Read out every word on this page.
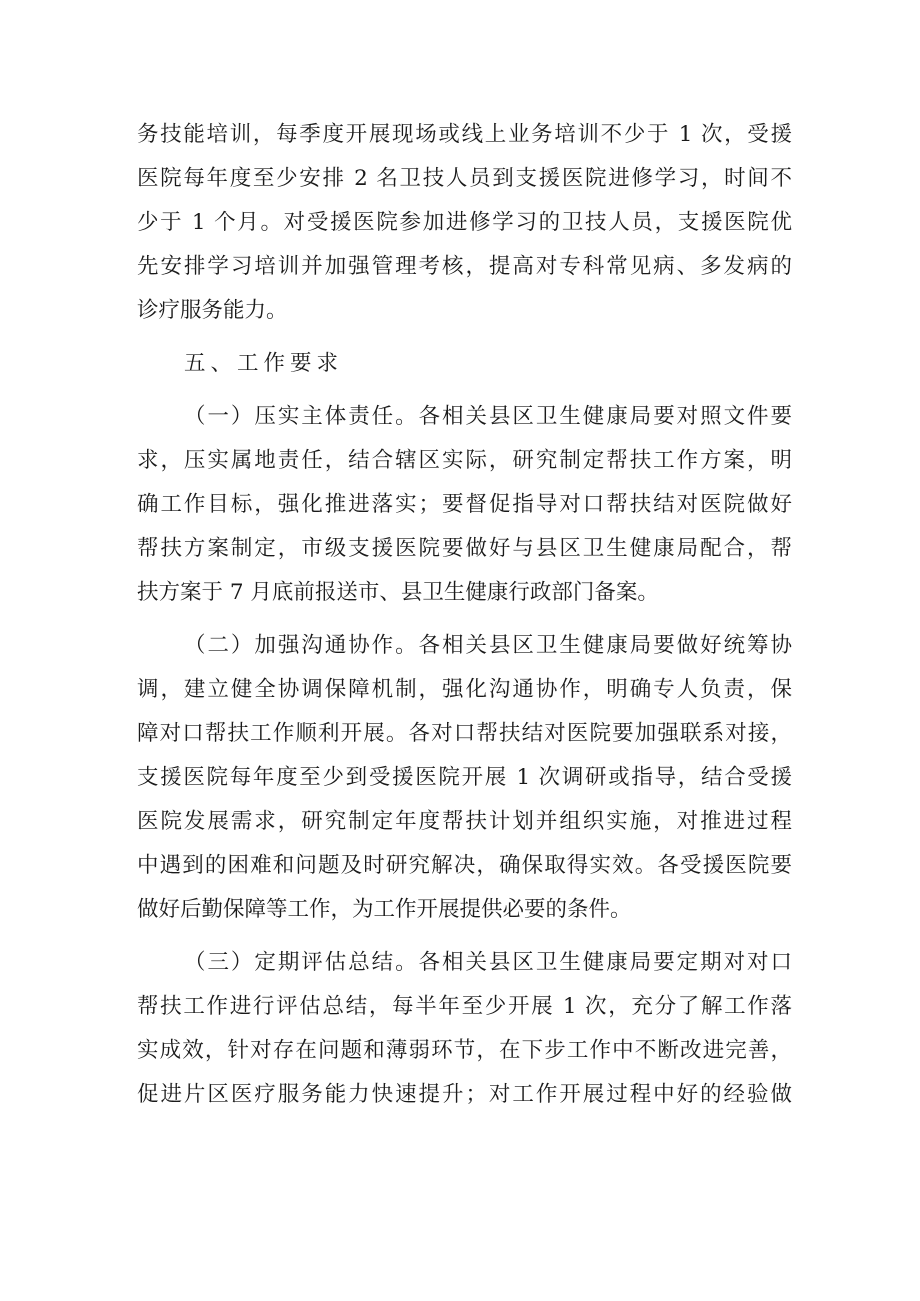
务技能培训，每季度开展现场或线上业务培训不少于 1 次，受援
医院每年度至少安排 2 名卫技人员到支援医院进修学习，时间不
少于 1 个月。对受援医院参加进修学习的卫技人员，支援医院优
先安排学习培训并加强管理考核，提高对专科常见病、多发病的
诊疗服务能力。
五、工作要求
（一）压实主体责任。各相关县区卫生健康局要对照文件要
求，压实属地责任，结合辖区实际，研究制定帮扶工作方案，明
确工作目标，强化推进落实；要督促指导对口帮扶结对医院做好
帮扶方案制定，市级支援医院要做好与县区卫生健康局配合，帮
扶方案于 7 月底前报送市、县卫生健康行政部门备案。
（二）加强沟通协作。各相关县区卫生健康局要做好统筹协
调，建立健全协调保障机制，强化沟通协作，明确专人负责，保
障对口帮扶工作顺利开展。各对口帮扶结对医院要加强联系对接，
支援医院每年度至少到受援医院开展 1 次调研或指导，结合受援
医院发展需求，研究制定年度帮扶计划并组织实施，对推进过程
中遇到的困难和问题及时研究解决，确保取得实效。各受援医院要
做好后勤保障等工作，为工作开展提供必要的条件。
（三）定期评估总结。各相关县区卫生健康局要定期对对口
帮扶工作进行评估总结，每半年至少开展 1 次，充分了解工作落
实成效，针对存在问题和薄弱环节，在下步工作中不断改进完善，
促进片区医疗服务能力快速提升；对工作开展过程中好的经验做
